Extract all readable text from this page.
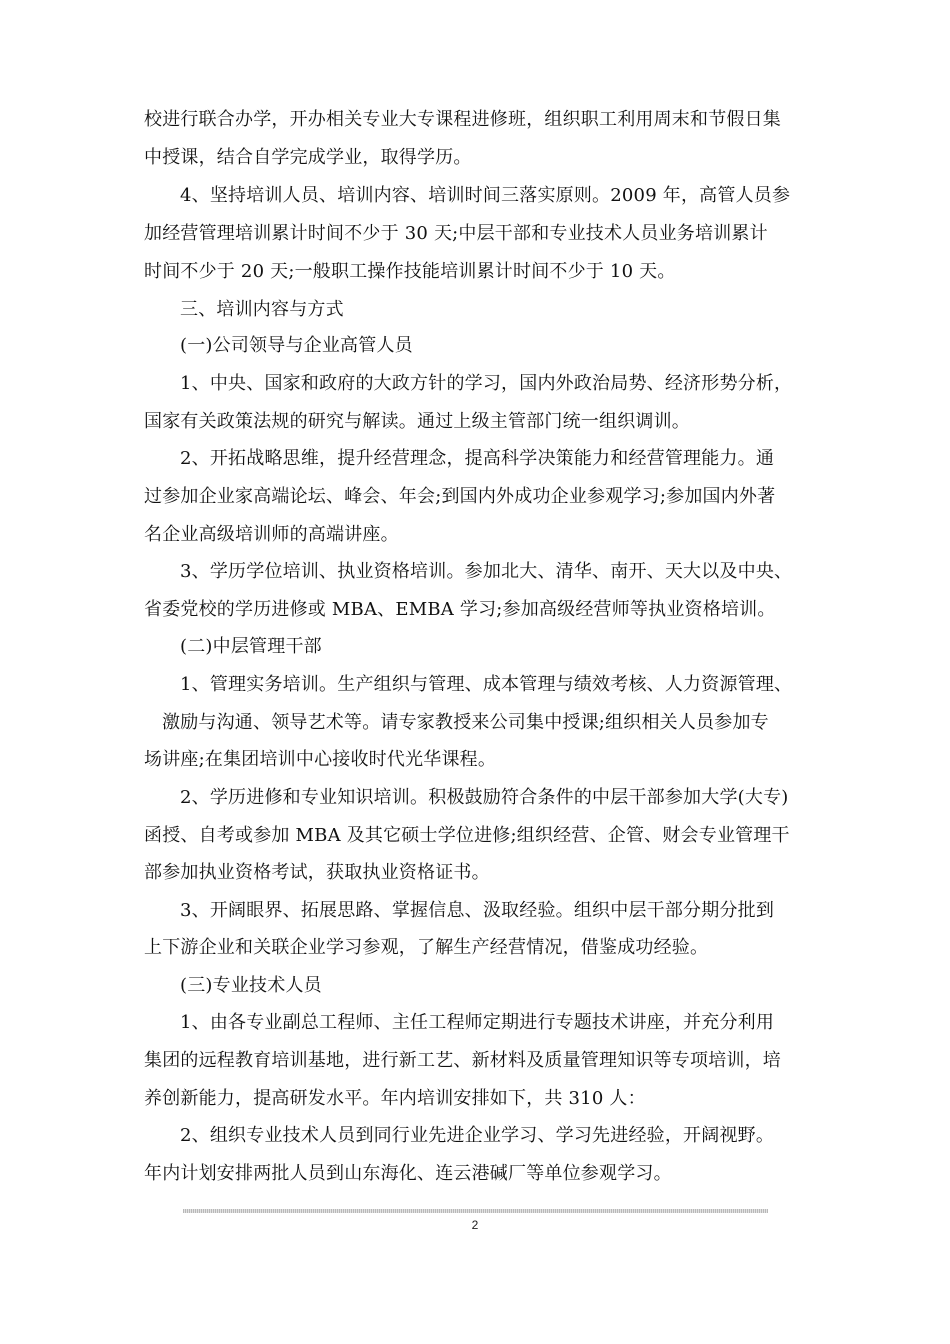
校进行联合办学，开办相关专业大专课程进修班，组织职工利用周末和节假日集
中授课，结合自学完成学业，取得学历。
4、坚持培训人员、培训内容、培训时间三落实原则。2009 年，高管人员参
加经营管理培训累计时间不少于 30 天;中层干部和专业技术人员业务培训累计
时间不少于 20 天;一般职工操作技能培训累计时间不少于 10 天。
三、培训内容与方式
(一)公司领导与企业高管人员
1、中央、国家和政府的大政方针的学习，国内外政治局势、经济形势分析，
国家有关政策法规的研究与解读。通过上级主管部门统一组织调训。
2、开拓战略思维，提升经营理念，提高科学决策能力和经营管理能力。通
过参加企业家高端论坛、峰会、年会;到国内外成功企业参观学习;参加国内外著
名企业高级培训师的高端讲座。
3、学历学位培训、执业资格培训。参加北大、清华、南开、天大以及中央、
省委党校的学历进修或 MBA、EMBA 学习;参加高级经营师等执业资格培训。
(二)中层管理干部
1、管理实务培训。生产组织与管理、成本管理与绩效考核、人力资源管理、
激励与沟通、领导艺术等。请专家教授来公司集中授课;组织相关人员参加专
场讲座;在集团培训中心接收时代光华课程。
2、学历进修和专业知识培训。积极鼓励符合条件的中层干部参加大学(大专)
函授、自考或参加 MBA 及其它硕士学位进修;组织经营、企管、财会专业管理干
部参加执业资格考试，获取执业资格证书。
3、开阔眼界、拓展思路、掌握信息、汲取经验。组织中层干部分期分批到
上下游企业和关联企业学习参观，了解生产经营情况，借鉴成功经验。
(三)专业技术人员
1、由各专业副总工程师、主任工程师定期进行专题技术讲座，并充分利用
集团的远程教育培训基地，进行新工艺、新材料及质量管理知识等专项培训，培
养创新能力，提高研发水平。年内培训安排如下，共 310 人：
2、组织专业技术人员到同行业先进企业学习、学习先进经验，开阔视野。
年内计划安排两批人员到山东海化、连云港碱厂等单位参观学习。
2
